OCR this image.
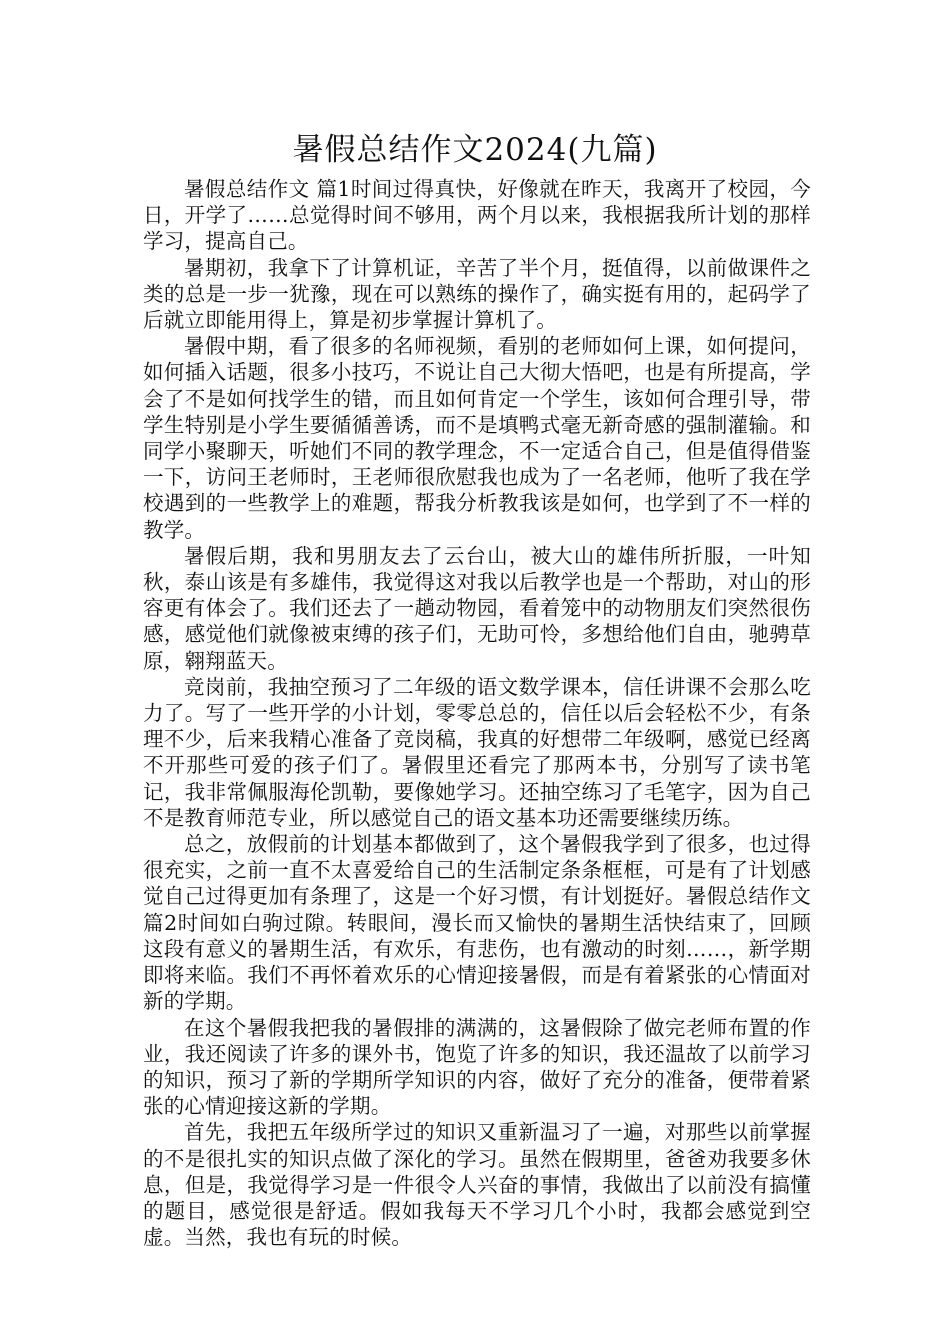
暑假总结作文2024(九篇)

暑假总结作文 篇1时间过得真快，好像就在昨天，我离开了校园，今日，开学了……总觉得时间不够用，两个月以来，我根据我所计划的那样学习，提高自己。

暑期初，我拿下了计算机证，辛苦了半个月，挺值得，以前做课件之类的总是一步一犹豫，现在可以熟练的操作了，确实挺有用的，起码学了后就立即能用得上，算是初步掌握计算机了。

暑假中期，看了很多的名师视频，看别的老师如何上课，如何提问，如何插入话题，很多小技巧，不说让自己大彻大悟吧，也是有所提高，学会了不是如何找学生的错，而且如何肯定一个学生，该如何合理引导，带学生特别是小学生要循循善诱，而不是填鸭式毫无新奇感的强制灌输。和同学小聚聊天，听她们不同的教学理念，不一定适合自己，但是值得借鉴一下，访问王老师时，王老师很欣慰我也成为了一名老师，他听了我在学校遇到的一些教学上的难题，帮我分析教我该是如何，也学到了不一样的教学。

暑假后期，我和男朋友去了云台山，被大山的雄伟所折服，一叶知秋，泰山该是有多雄伟，我觉得这对我以后教学也是一个帮助，对山的形容更有体会了。我们还去了一趟动物园，看着笼中的动物朋友们突然很伤感，感觉他们就像被束缚的孩子们，无助可怜，多想给他们自由，驰骋草原，翱翔蓝天。

竞岗前，我抽空预习了二年级的语文数学课本，信任讲课不会那么吃力了。写了一些开学的小计划，零零总总的，信任以后会轻松不少，有条理不少，后来我精心准备了竞岗稿，我真的好想带二年级啊，感觉已经离不开那些可爱的孩子们了。暑假里还看完了那两本书，分别写了读书笔记，我非常佩服海伦凯勒，要像她学习。还抽空练习了毛笔字，因为自己不是教育师范专业，所以感觉自己的语文基本功还需要继续历练。

总之，放假前的计划基本都做到了，这个暑假我学到了很多，也过得很充实，之前一直不太喜爱给自己的生活制定条条框框，可是有了计划感觉自己过得更加有条理了，这是一个好习惯，有计划挺好。暑假总结作文 篇2时间如白驹过隙。转眼间，漫长而又愉快的暑期生活快结束了，回顾这段有意义的暑期生活，有欢乐，有悲伤，也有激动的时刻……，新学期即将来临。我们不再怀着欢乐的心情迎接暑假，而是有着紧张的心情面对新的学期。

在这个暑假我把我的暑假排的满满的，这暑假除了做完老师布置的作业，我还阅读了许多的课外书，饱览了许多的知识，我还温故了以前学习的知识，预习了新的学期所学知识的内容，做好了充分的准备，便带着紧张的心情迎接这新的学期。

首先，我把五年级所学过的知识又重新温习了一遍，对那些以前掌握的不是很扎实的知识点做了深化的学习。虽然在假期里，爸爸劝我要多休息，但是，我觉得学习是一件很令人兴奋的事情，我做出了以前没有搞懂的题目，感觉很是舒适。假如我每天不学习几个小时，我都会感觉到空虚。当然，我也有玩的时候。
